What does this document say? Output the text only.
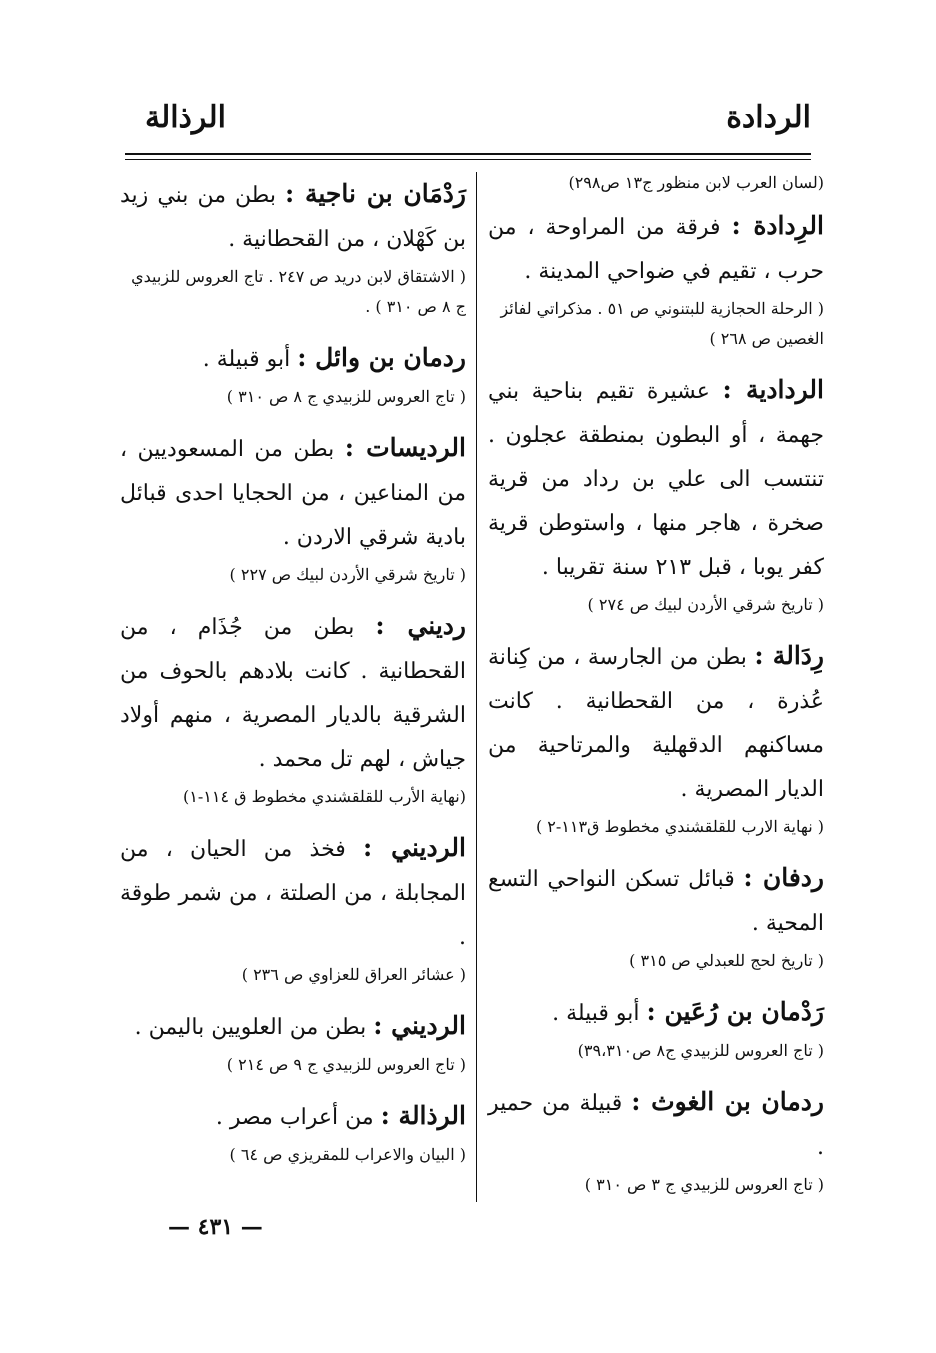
الردادة
الرذالة

(لسان العرب لابن منظور ج١٣ ص٢٩٨)

الرِدادة : فرقة من المراوحة ، من حرب ، تقيم في ضواحي المدينة .

( الرحلة الحجازية للبتنوني ص ٥١ . مذكراتي لفائز الغصين ص ٢٦٨ )

الردادية : عشيرة تقيم بناحية بني جهمة ، أو البطون بمنطقة عجلون . تنتسب الى علي بن رداد من قرية صخرة ، هاجر منها ، واستوطن قرية كفر يوبا ، قبل ٢١٣ سنة تقريبا .

( تاريخ شرقي الأردن لبيك ص ٢٧٤ )

رِدَالة : بطن من الجارسة ، من كِنانة عُذرة ، من القحطانية . كانت مساكنهم الدقهلية والمرتاحية من الديار المصرية .

( نهاية الارب للقلقشندي مخطوط ق١١٣-٢ )

ردفان : قبائل تسكن النواحي التسع المحية .

( تاريخ لحج للعبدلي ص ٣١٥ )

رَدْمان بن رُعَين : أبو قبيلة .

( تاج العروس للزبيدي ج٨ ص٣٩،٣١٠)

ردمان بن الغوث : قبيلة من حمير .

( تاج العروس للزبيدي ج ٣ ص ٣١٠ )

رَدْمَان بن ناجية : بطن من بني زيد بن كَهْلان ، من القحطانية .

( الاشتقاق لابن دريد ص ٢٤٧ . تاج العروس للزبيدي ج ٨ ص ٣١٠ ) .

ردمان بن وائل : أبو قبيلة .

( تاج العروس للزبيدي ج ٨ ص ٣١٠ )

الرديسات : بطن من المسعوديين ، من المناعين ، من الحجايا احدى قبائل بادية شرقي الاردن .

( تاريخ شرقي الأردن لبيك ص ٢٢٧ )

رديني : بطن من جُذَام ، من القحطانية . كانت بلادهم بالحوف من الشرقية بالديار المصرية ، منهم أولاد جياش ، لهم تل محمد .

(نهاية الأرب للقلقشندي مخطوط ق ١١٤-١)

الرديني : فخذ من الحيان ، من المجابلة ، من الصلتة ، من شمر طوقة .

( عشائر العراق للعزاوي ص ٢٣٦ )

الرديني : بطن من العلويين باليمن .

( تاج العروس للزبيدي ج ٩ ص ٢١٤ )

الرذالة : من أعراب مصر .

( البيان والاعراب للمقريزي ص ٦٤ )

— ٤٣١ —
